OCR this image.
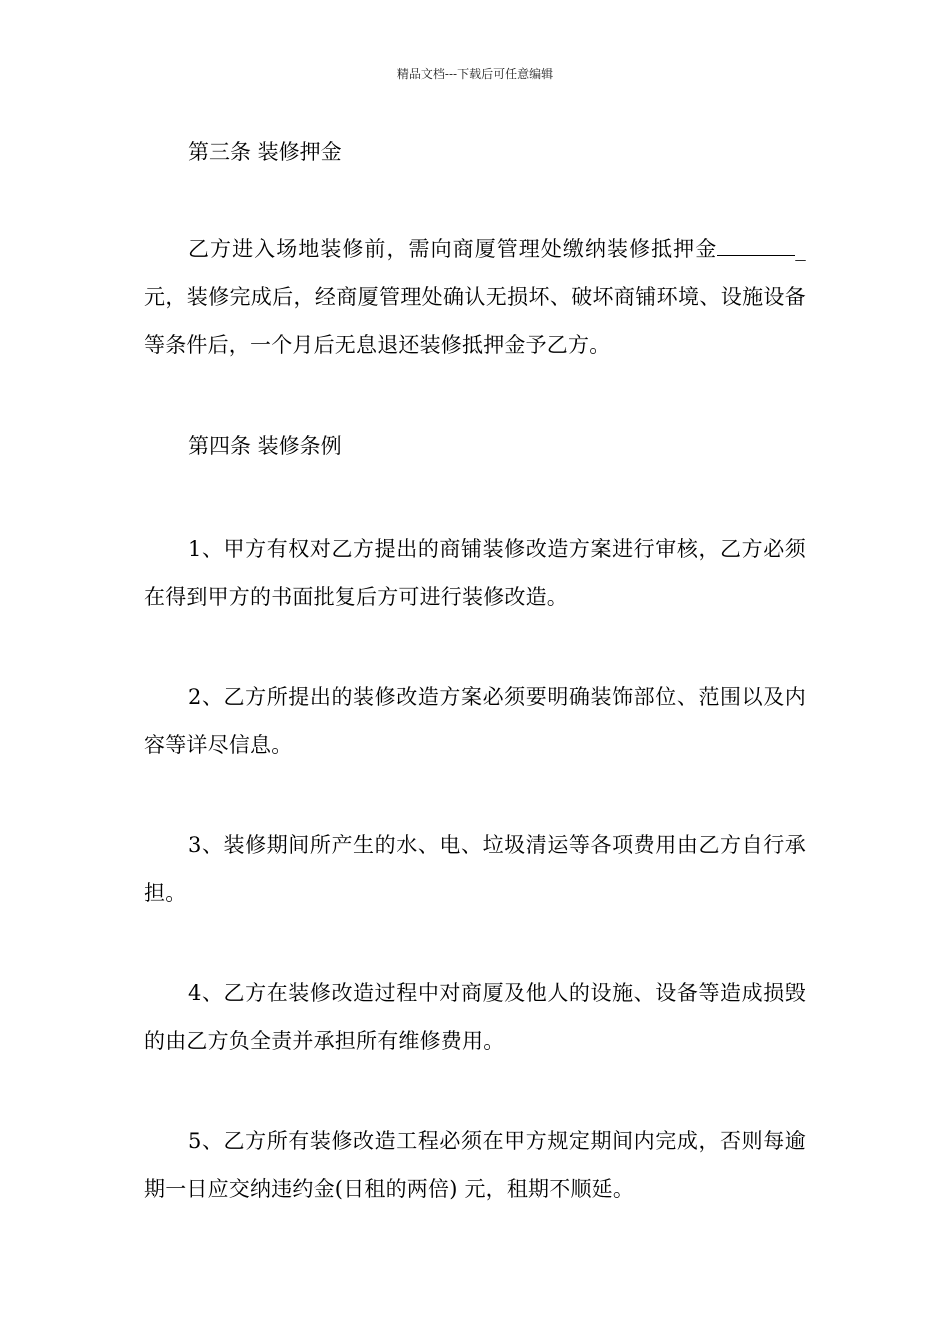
精品文档---下载后可任意编辑

第三条 装修押金

乙方进入场地装修前，需向商厦管理处缴纳装修抵押金	_元，装修完成后，经商厦管理处确认无损坏、破坏商铺环境、设施设备等条件后，一个月后无息退还装修抵押金予乙方。

第四条 装修条例

1、甲方有权对乙方提出的商铺装修改造方案进行审核，乙方必须在得到甲方的书面批复后方可进行装修改造。

2、乙方所提出的装修改造方案必须要明确装饰部位、范围以及内容等详尽信息。

3、装修期间所产生的水、电、垃圾清运等各项费用由乙方自行承担。

4、乙方在装修改造过程中对商厦及他人的设施、设备等造成损毁的由乙方负全责并承担所有维修费用。

5、乙方所有装修改造工程必须在甲方规定期间内完成，否则每逾期一日应交纳违约金(日租的两倍) 元，租期不顺延。
